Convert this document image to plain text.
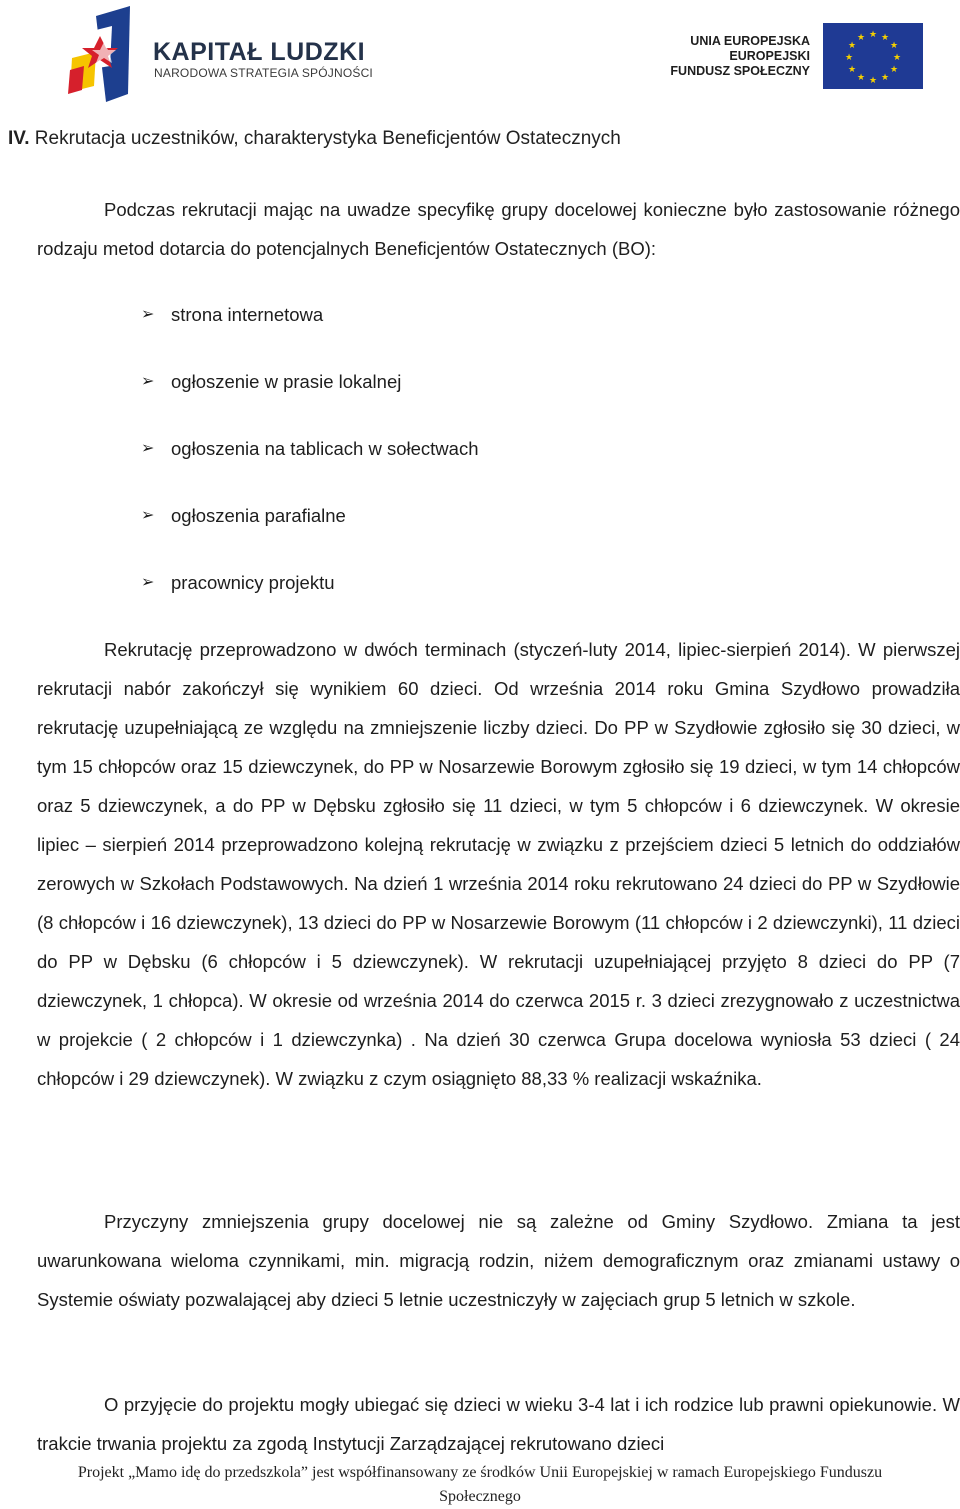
KAPITAŁ LUDZKI
NARODOWA STRATEGIA SPÓJNOŚCI
UNIA EUROPEJSKA
EUROPEJSKI
FUNDUSZ SPOŁECZNY
★ ★
★
★
★
★
★
★
★
★
★
★
IV. Rekrutacja uczestników, charakterystyka Beneficjentów Ostatecznych
Podczas rekrutacji mając na uwadze specyfikę grupy docelowej konieczne było zastosowanie różnego rodzaju metod dotarcia do potencjalnych Beneficjentów Ostatecznych (BO):
➢ strona internetowa
➢ ogłoszenie w prasie lokalnej
➢ ogłoszenia na tablicach w sołectwach
➢ ogłoszenia parafialne
➢ pracownicy projektu
Rekrutację przeprowadzono w dwóch terminach (styczeń-luty 2014, lipiec-sierpień 2014). W pierwszej rekrutacji nabór zakończył się wynikiem 60 dzieci. Od września 2014 roku Gmina Szydłowo prowadziła rekrutację uzupełniającą ze względu na zmniejszenie liczby dzieci. Do PP w Szydłowie zgłosiło się 30 dzieci, w tym 15 chłopców oraz 15 dziewczynek, do PP w Nosarzewie Borowym zgłosiło się 19 dzieci, w tym 14 chłopców oraz 5 dziewczynek, a do PP w Dębsku zgłosiło się 11 dzieci, w tym 5 chłopców i 6 dziewczynek. W okresie lipiec – sierpień 2014 przeprowadzono kolejną rekrutację w związku z przejściem dzieci 5 letnich do oddziałów zerowych w Szkołach Podstawowych. Na dzień 1 września 2014 roku rekrutowano 24 dzieci do PP w Szydłowie (8 chłopców i 16 dziewczynek), 13 dzieci do PP w Nosarzewie Borowym (11 chłopców i 2 dziewczynki), 11 dzieci do PP w Dębsku (6 chłopców i 5 dziewczynek). W rekrutacji uzupełniającej przyjęto 8 dzieci do PP (7 dziewczynek, 1 chłopca). W okresie od września 2014 do czerwca 2015 r. 3 dzieci zrezygnowało z uczestnictwa w projekcie ( 2 chłopców i 1 dziewczynka) . Na dzień 30 czerwca Grupa docelowa wyniosła 53 dzieci ( 24 chłopców i 29 dziewczynek). W związku z czym osiągnięto 88,33 % realizacji wskaźnika.
Przyczyny zmniejszenia grupy docelowej nie są zależne od Gminy Szydłowo. Zmiana ta jest uwarunkowana wieloma czynnikami, min. migracją rodzin, niżem demograficznym oraz zmianami ustawy o Systemie oświaty pozwalającej aby dzieci 5 letnie uczestniczyły w zajęciach grup 5 letnich w szkole.
O przyjęcie do projektu mogły ubiegać się dzieci w wieku 3-4 lat i ich rodzice lub prawni opiekunowie. W trakcie trwania projektu za zgodą Instytucji Zarządzającej rekrutowano dzieci
Projekt „Mamo idę do przedszkola” jest współfinansowany ze środków Unii Europejskiej w ramach Europejskiego Funduszu
Społecznego
